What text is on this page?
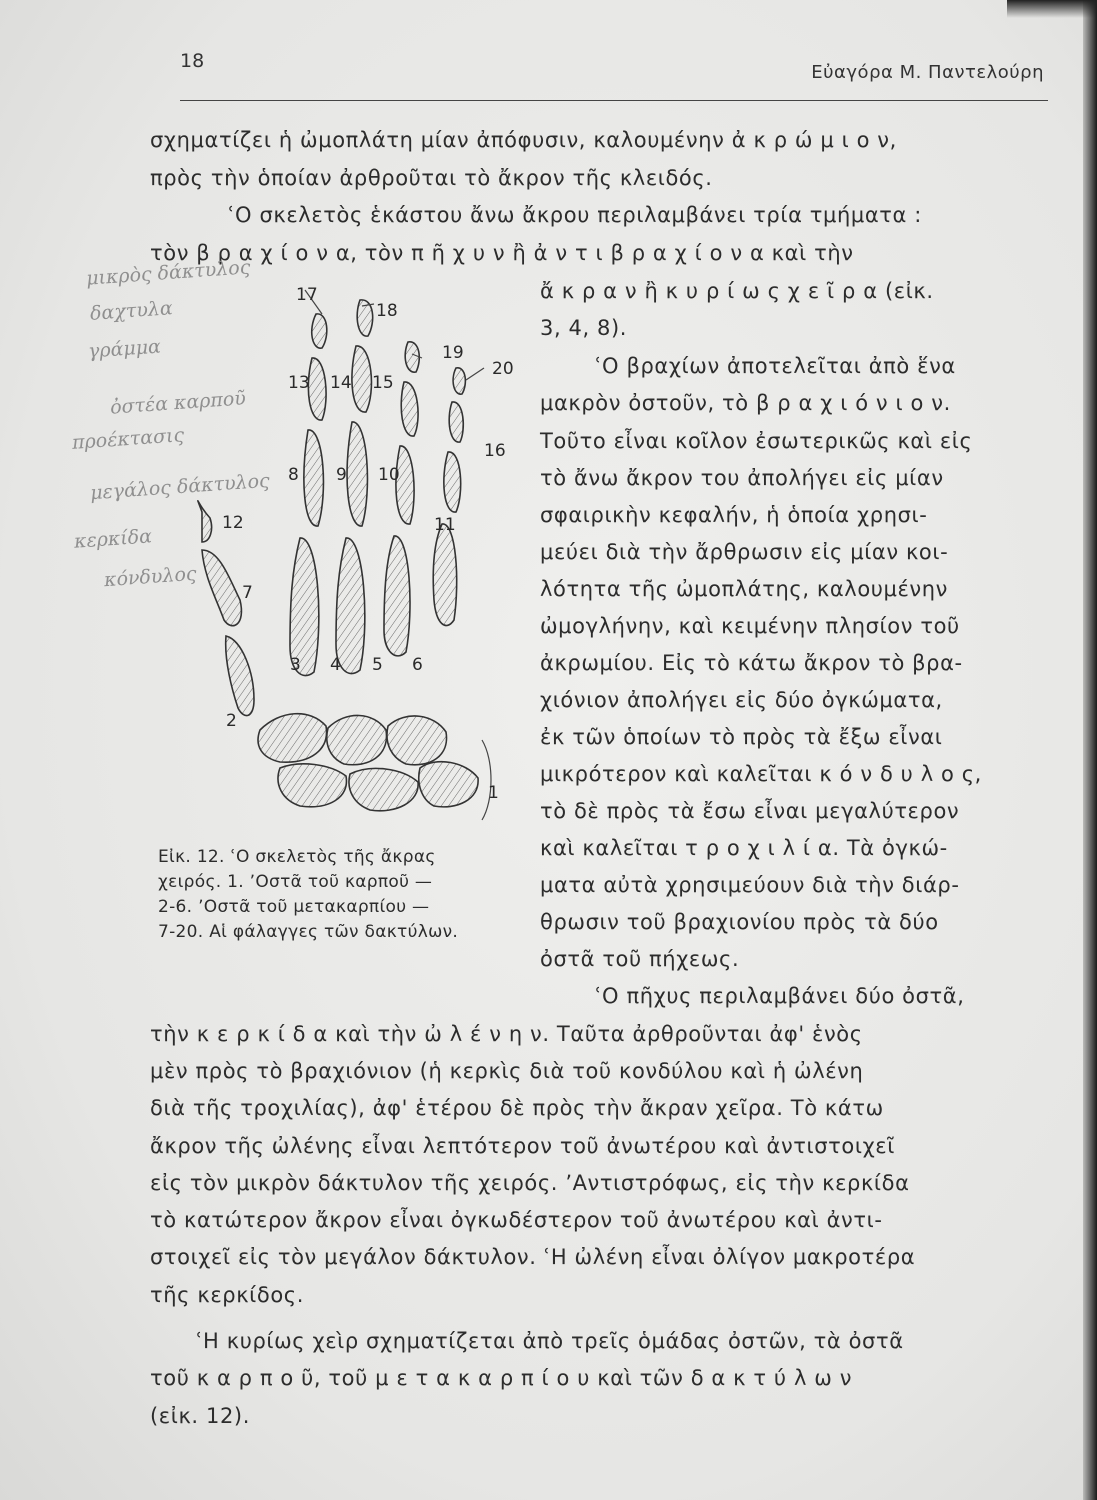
18
Εὐαγόρα Μ. Παντελούρη
σχηματίζει ἡ ὠμοπλάτη μίαν ἀπόφυσιν, καλουμένην ἀ κ ρ ώ μ ι ο ν,
πρὸς τὴν ὁποίαν ἀρθροῦται τὸ ἄκρον τῆς κλειδός.
ʿΟ σκελετὸς ἑκάστου ἄνω ἄκρου περιλαμβάνει τρία τμήματα :
τὸν β ρ α χ ί ο ν α, τὸν π ῆ χ υ ν ἢ ἀ ν τ ι β ρ α χ ί ο ν α καὶ τὴν
ἄ κ ρ α ν ἢ κ υ ρ ί ω ς χ ε ῖ ρ α (εἰκ.
3, 4, 8).
ʿΟ βραχίων ἀποτελεῖται ἀπὸ ἕνα
μακρὸν ὀστοῦν, τὸ β ρ α χ ι ό ν ι ο ν.
Τοῦτο εἶναι κοῖλον ἐσωτερικῶς καὶ εἰς
τὸ ἄνω ἄκρον του ἀπολήγει εἰς μίαν
σφαιρικὴν κεφαλήν, ἡ ὁποία χρησι-
μεύει διὰ τὴν ἄρθρωσιν εἰς μίαν κοι-
λότητα τῆς ὠμοπλάτης, καλουμένην
ὠμογλήνην, καὶ κειμένην πλησίον τοῦ
ἀκρωμίου. Εἰς τὸ κάτω ἄκρον τὸ βρα-
χιόνιον ἀπολήγει εἰς δύο ὀγκώματα,
ἐκ τῶν ὁποίων τὸ πρὸς τὰ ἔξω εἶναι
μικρότερον καὶ καλεῖται κ ό ν δ υ λ ο ς,
τὸ δὲ πρὸς τὰ ἔσω εἶναι μεγαλύτερον
καὶ καλεῖται τ ρ ο χ ι λ ί α. Τὰ ὀγκώ-
ματα αὐτὰ χρησιμεύουν διὰ τὴν διάρ-
θρωσιν τοῦ βραχιονίου πρὸς τὰ δύο
ὀστᾶ τοῦ πήχεως.
ʿΟ πῆχυς περιλαμβάνει δύο ὀστᾶ,
τὴν κ ε ρ κ ί δ α καὶ τὴν ὠ λ έ ν η ν. Ταῦτα ἀρθροῦνται ἀφ' ἑνὸς
μὲν πρὸς τὸ βραχιόνιον (ἡ κερκὶς διὰ τοῦ κονδύλου καὶ ἡ ὠλένη
διὰ τῆς τροχιλίας), ἀφ' ἑτέρου δὲ πρὸς τὴν ἄκραν χεῖρα. Τὸ κάτω
ἄκρον τῆς ὠλένης εἶναι λεπτότερον τοῦ ἀνωτέρου καὶ ἀντιστοιχεῖ
εἰς τὸν μικρὸν δάκτυλον τῆς χειρός. ʼΑντιστρόφως, εἰς τὴν κερκίδα
τὸ κατώτερον ἄκρον εἶναι ὀγκωδέστερον τοῦ ἀνωτέρου καὶ ἀντι-
στοιχεῖ εἰς τὸν μεγάλον δάκτυλον. ʿΗ ὠλένη εἶναι ὀλίγον μακροτέρα
τῆς κερκίδος.
ʿΗ κυρίως χεὶρ σχηματίζεται ἀπὸ τρεῖς ὁμάδας ὀστῶν, τὰ ὀστᾶ
τοῦ κ α ρ π ο ῦ, τοῦ μ ε τ α κ α ρ π ί ο υ καὶ τῶν δ α κ τ ύ λ ω ν
(εἰκ. 12).
1
2
3 4 5 6
7
8 9 10
11
12
13 14 15
16
17
18
19
20
Εἰκ. 12. ʿΟ σκελετὸς τῆς ἄκρας
χειρός. 1. ʼΟστᾶ τοῦ καρποῦ —
2-6. ʼΟστᾶ τοῦ μετακαρπίου —
7-20. Αἱ φάλαγγες τῶν δακτύλων.
μικρὸς δάκτυλος
δαχτυλα
γράμμα
ὀστέα καρποῦ
προέκτασις
μεγάλος δάκτυλος
κερκίδα
κόνδυλος
